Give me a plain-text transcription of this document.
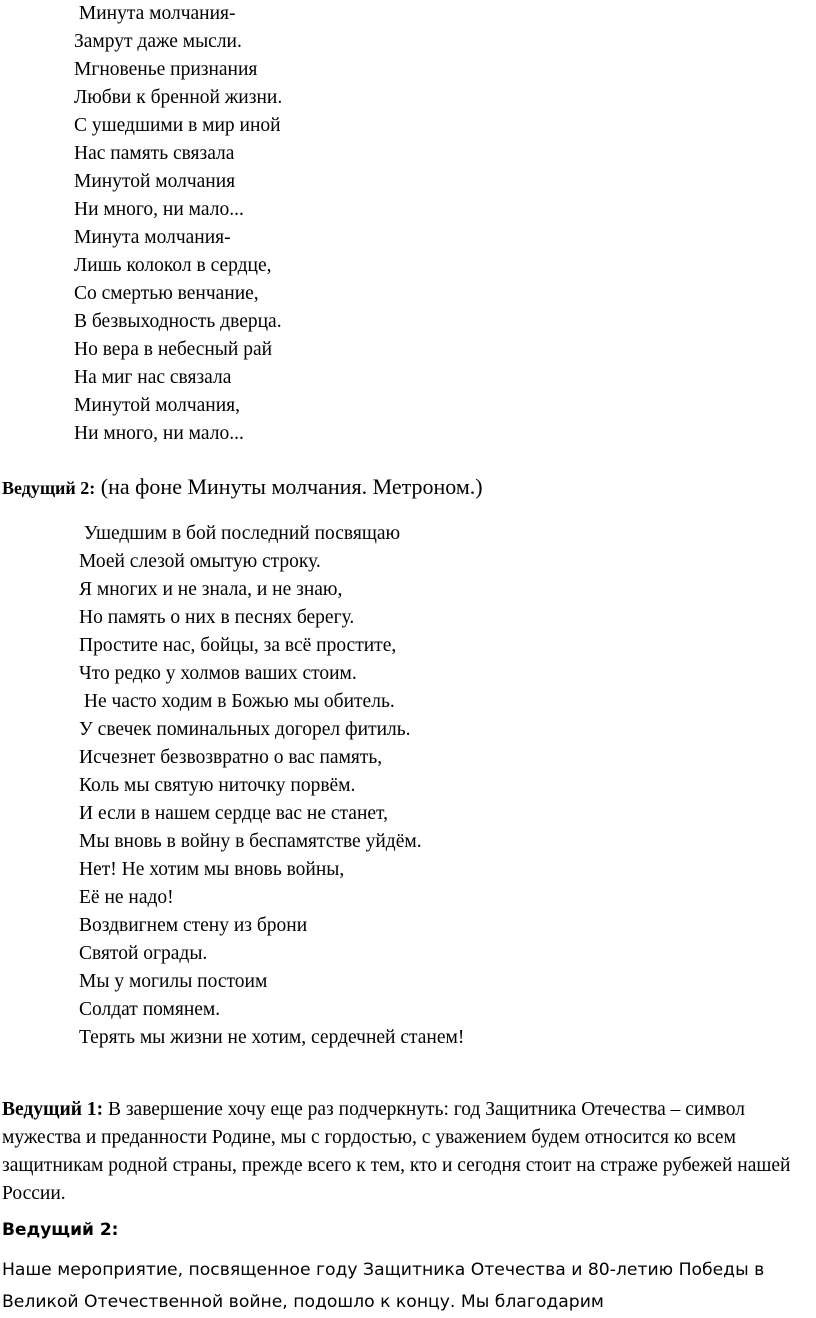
Минута молчания-
Замрут даже мысли.
Мгновенье признания
Любви к бренной жизни.
С ушедшими в мир иной
Нас память связала
Минутой молчания
Ни много, ни мало...
Минута молчания-
Лишь колокол в сердце,
Со смертью венчание,
В безвыходность дверца.
Но вера в небесный рай
На миг нас связала
Минутой молчания,
Ни много, ни мало...
Ведущий 2: (на фоне Минуты молчания. Метроном.)
Ушедшим в бой последний посвящаю
Моей слезой омытую строку.
Я многих и не знала, и не знаю,
Но память о них в песнях берегу.
Простите нас, бойцы, за всё простите,
Что редко у холмов ваших стоим.
Не часто ходим в Божью мы обитель.
У свечек поминальных догорел фитиль.
Исчезнет безвозвратно о вас память,
Коль мы святую ниточку порвём.
И если в нашем сердце вас не станет,
Мы вновь в войну в беспамятстве уйдём.
Нет! Не хотим мы вновь войны,
Её не надо!
Воздвигнем стену из брони
Святой ограды.
Мы у могилы постоим
Солдат помянем.
Терять мы жизни не хотим, сердечней станем!
Ведущий 1: В завершение хочу еще раз подчеркнуть: год Защитника Отечества – символ мужества и преданности Родине, мы с гордостью, с уважением будем относится ко всем защитникам родной страны, прежде всего к тем, кто и сегодня стоит на страже рубежей нашей России.
Ведущий 2:
Наше мероприятие, посвященное году Защитника Отечества и 80-летию Победы в Великой Отечественной войне, подошло к концу. Мы благодарим
